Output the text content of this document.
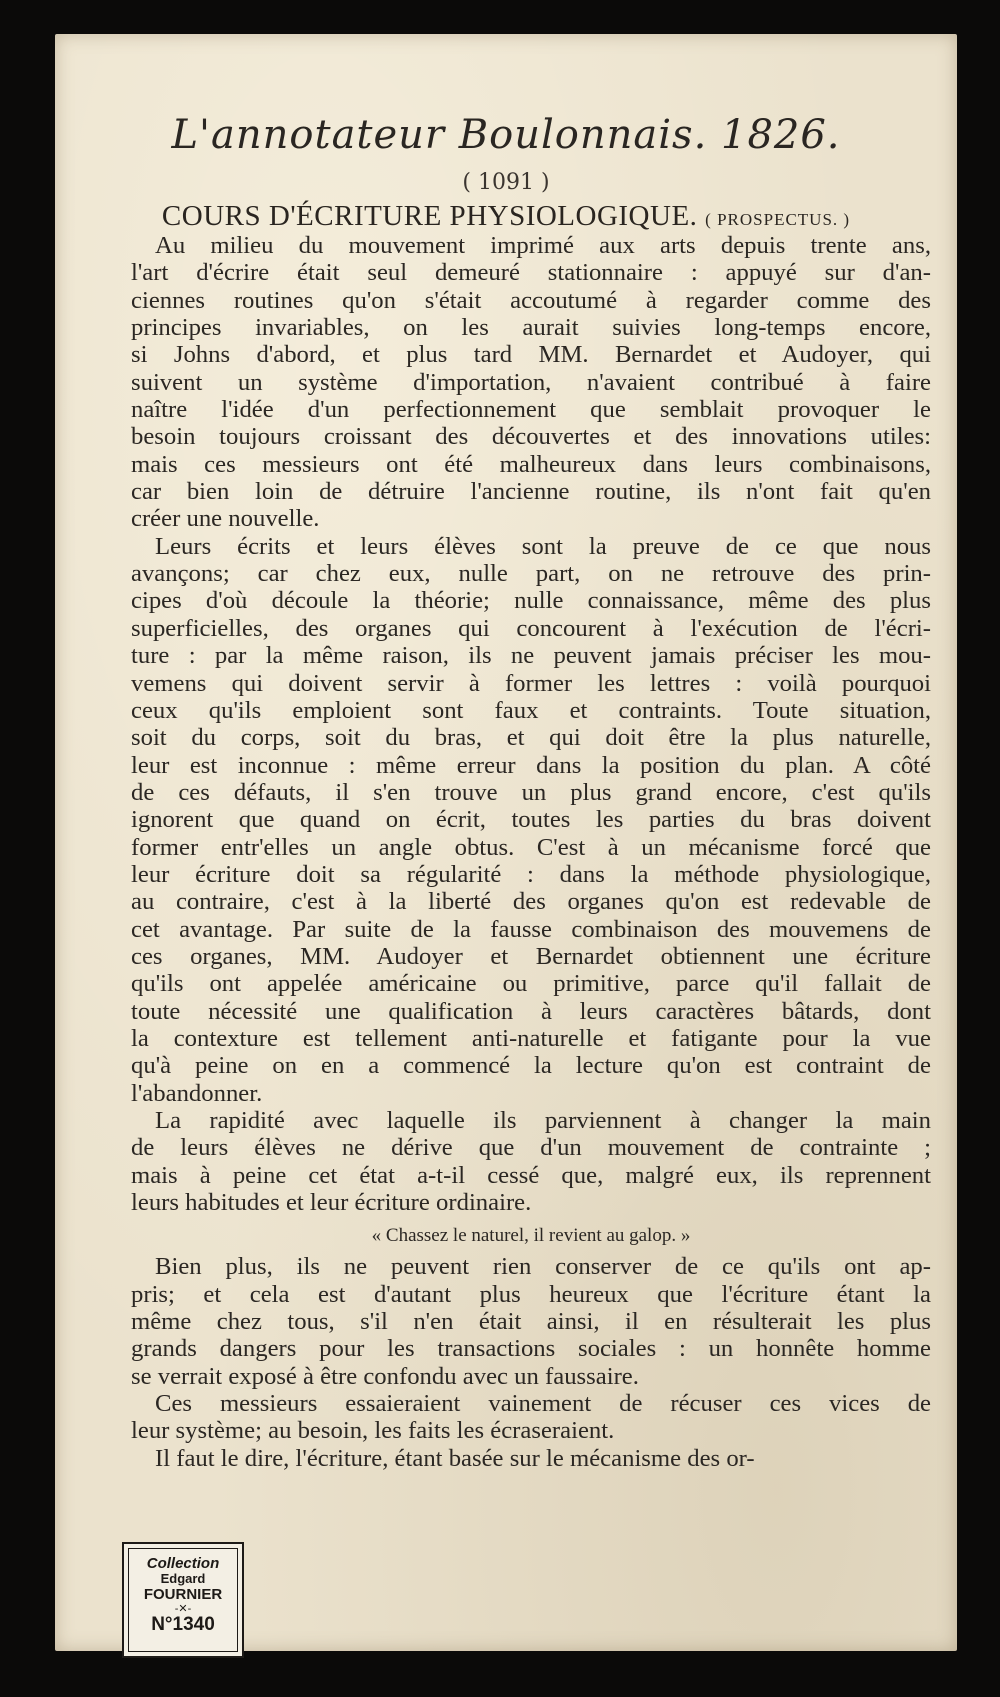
L'annotateur Boulonnais. 1826.
( 1091 )
COURS D'ÉCRITURE PHYSIOLOGIQUE. ( PROSPECTUS. )
Au milieu du mouvement imprimé aux arts depuis trente ans,
l'art d'écrire était seul demeuré stationnaire : appuyé sur d'an-
ciennes routines qu'on s'était accoutumé à regarder comme des
principes invariables, on les aurait suivies long-temps encore,
si Johns d'abord, et plus tard MM. Bernardet et Audoyer, qui
suivent un système d'importation, n'avaient contribué à faire
naître l'idée d'un perfectionnement que semblait provoquer le
besoin toujours croissant des découvertes et des innovations utiles:
mais ces messieurs ont été malheureux dans leurs combinaisons,
car bien loin de détruire l'ancienne routine, ils n'ont fait qu'en
créer une nouvelle.
Leurs écrits et leurs élèves sont la preuve de ce que nous
avançons; car chez eux, nulle part, on ne retrouve des prin-
cipes d'où découle la théorie; nulle connaissance, même des plus
superficielles, des organes qui concourent à l'exécution de l'écri-
ture : par la même raison, ils ne peuvent jamais préciser les mou-
vemens qui doivent servir à former les lettres : voilà pourquoi
ceux qu'ils emploient sont faux et contraints. Toute situation,
soit du corps, soit du bras, et qui doit être la plus naturelle,
leur est inconnue : même erreur dans la position du plan. A côté
de ces défauts, il s'en trouve un plus grand encore, c'est qu'ils
ignorent que quand on écrit, toutes les parties du bras doivent
former entr'elles un angle obtus. C'est à un mécanisme forcé que
leur écriture doit sa régularité : dans la méthode physiologique,
au contraire, c'est à la liberté des organes qu'on est redevable de
cet avantage. Par suite de la fausse combinaison des mouvemens de
ces organes, MM. Audoyer et Bernardet obtiennent une écriture
qu'ils ont appelée américaine ou primitive, parce qu'il fallait de
toute nécessité une qualification à leurs caractères bâtards, dont
la contexture est tellement anti-naturelle et fatigante pour la vue
qu'à peine on en a commencé la lecture qu'on est contraint de
l'abandonner.
La rapidité avec laquelle ils parviennent à changer la main
de leurs élèves ne dérive que d'un mouvement de contrainte ;
mais à peine cet état a-t-il cessé que, malgré eux, ils reprennent
leurs habitudes et leur écriture ordinaire.
« Chassez le naturel, il revient au galop. »
Bien plus, ils ne peuvent rien conserver de ce qu'ils ont ap-
pris; et cela est d'autant plus heureux que l'écriture étant la
même chez tous, s'il n'en était ainsi, il en résulterait les plus
grands dangers pour les transactions sociales : un honnête homme
se verrait exposé à être confondu avec un faussaire.
Ces messieurs essaieraient vainement de récuser ces vices de
leur système; au besoin, les faits les écraseraient.
Il faut le dire, l'écriture, étant basée sur le mécanisme des or-
Collection
Edgard
FOURNIER
-✕-
N°1340
